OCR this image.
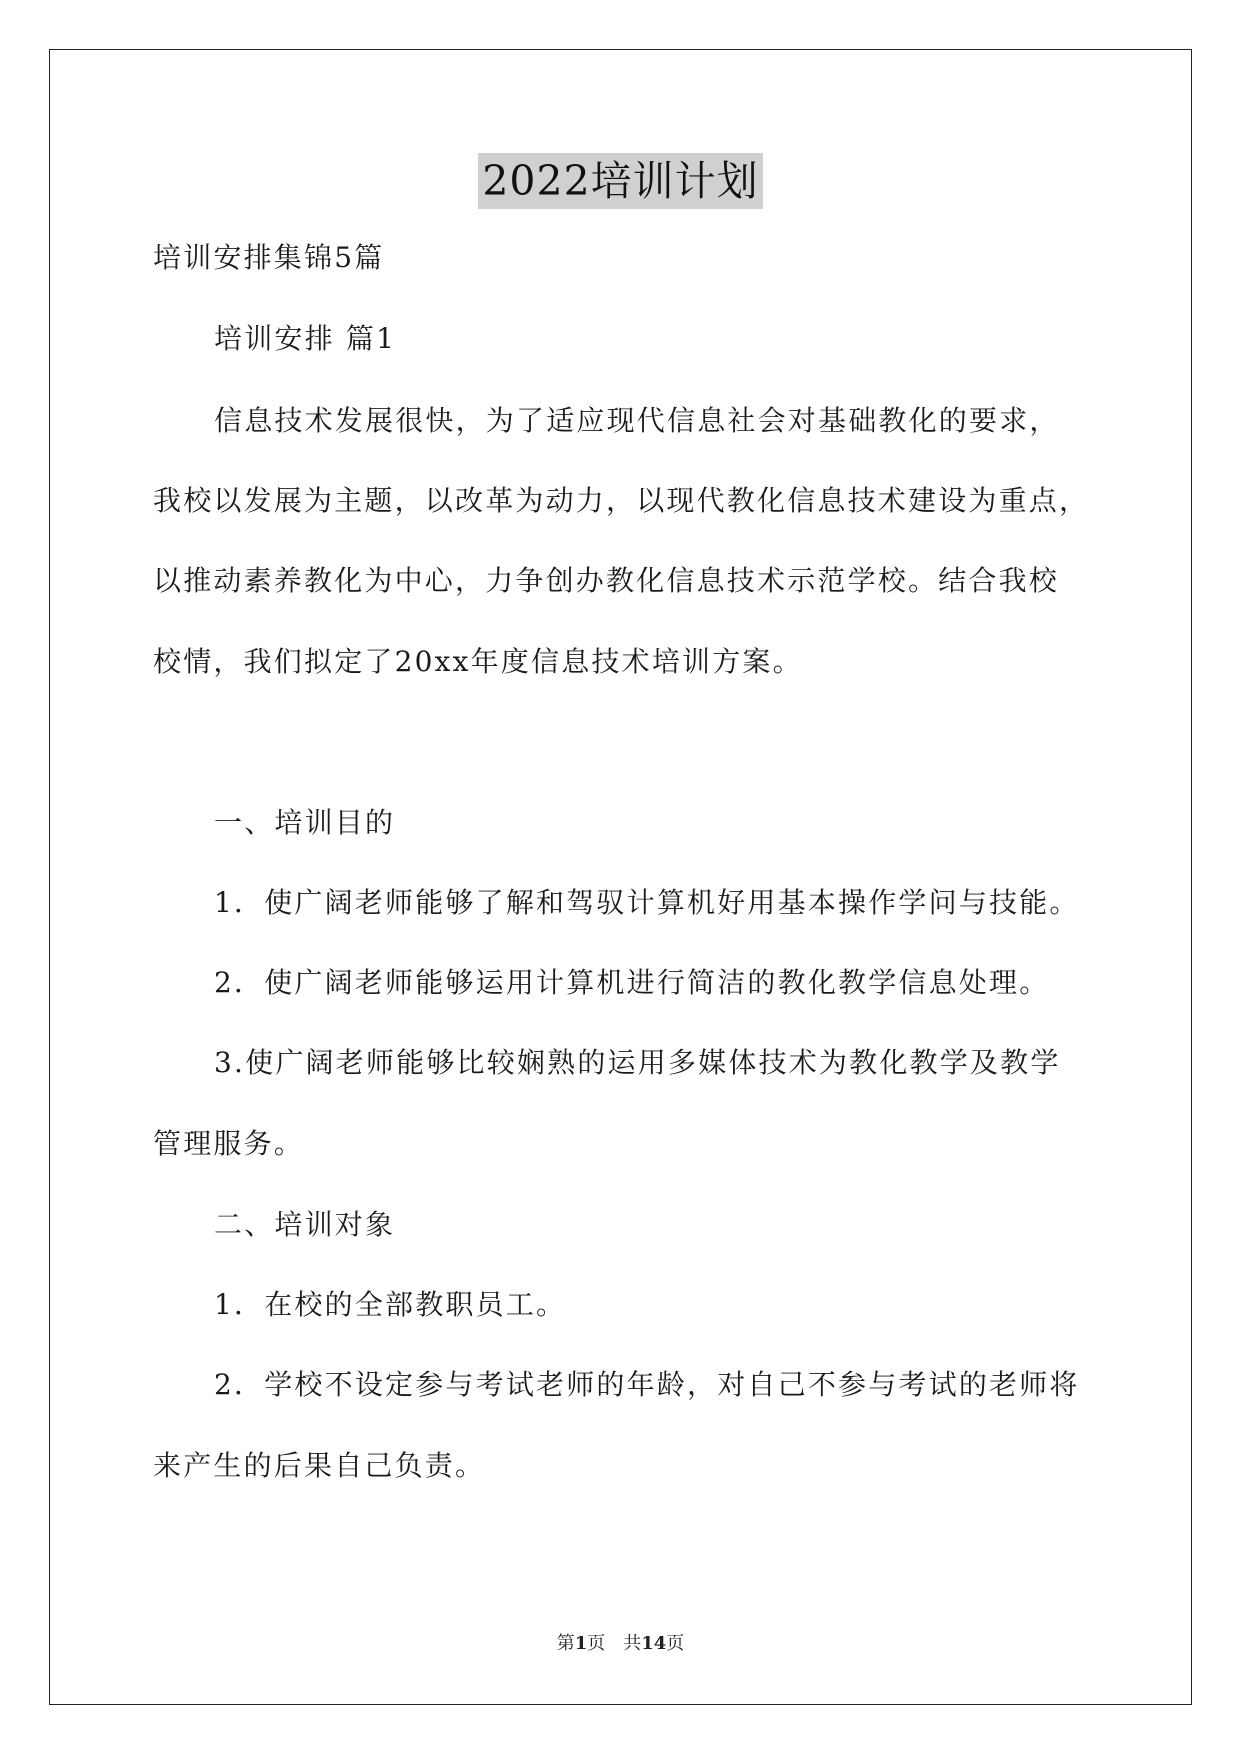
2022培训计划
培训安排集锦5篇
培训安排 篇1
信息技术发展很快，为了适应现代信息社会对基础教化的要求，
我校以发展为主题，以改革为动力，以现代教化信息技术建设为重点，
以推动素养教化为中心，力争创办教化信息技术示范学校。结合我校
校情，我们拟定了20xx年度信息技术培训方案。
一、培训目的
1．使广阔老师能够了解和驾驭计算机好用基本操作学问与技能。
2．使广阔老师能够运用计算机进行简洁的教化教学信息处理。
3.使广阔老师能够比较娴熟的运用多媒体技术为教化教学及教学
管理服务。
二、培训对象
1．在校的全部教职员工。
2．学校不设定参与考试老师的年龄，对自己不参与考试的老师将
来产生的后果自己负责。
第1页 共14页
